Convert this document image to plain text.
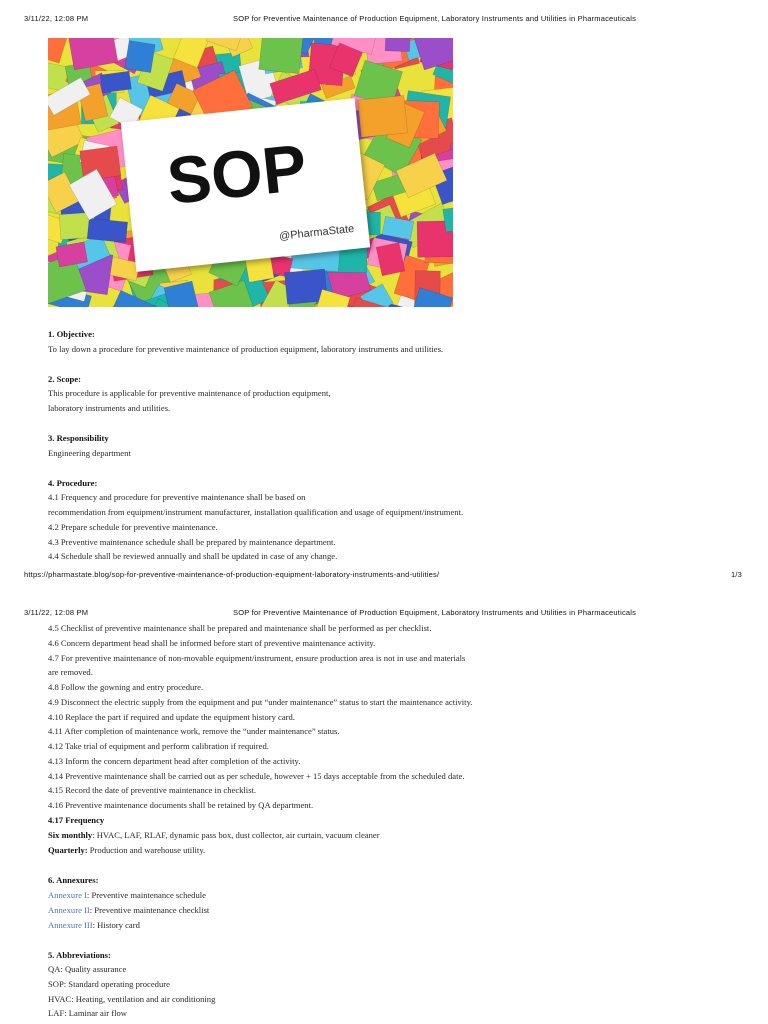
3/11/22, 12:08 PM	SOP for Preventive Maintenance of Production Equipment, Laboratory Instruments and Utilities in Pharmaceuticals
SOP
@PharmaState
1. Objective:
To lay down a procedure for preventive maintenance of production equipment, laboratory instruments and utilities.
2. Scope:
This procedure is applicable for preventive maintenance of production equipment,
laboratory instruments and utilities.
3. Responsibility
Engineering department
4. Procedure:
4.1 Frequency and procedure for preventive maintenance shall be based on
recommendation from equipment/instrument manufacturer, installation qualification and usage of equipment/instrument.
4.2 Prepare schedule for preventive maintenance.
4.3 Preventive maintenance schedule shall be prepared by maintenance department.
4.4 Schedule shall be reviewed annually and shall be updated in case of any change.
https://pharmastate.blog/sop-for-preventive-maintenance-of-production-equipment-laboratory-instruments-and-utilities/	1/3
3/11/22, 12:08 PM	SOP for Preventive Maintenance of Production Equipment, Laboratory Instruments and Utilities in Pharmaceuticals
4.5 Checklist of preventive maintenance shall be prepared and maintenance shall be performed as per checklist.
4.6 Concern department head shall be informed before start of preventive maintenance activity.
4.7 For preventive maintenance of non-movable equipment/instrument, ensure production area is not in use and materials
are removed.
4.8 Follow the gowning and entry procedure.
4.9 Disconnect the electric supply from the equipment and put “under maintenance” status to start the maintenance activity.
4.10 Replace the part if required and update the equipment history card.
4.11 After completion of maintenance work, remove the “under maintenance” status.
4.12 Take trial of equipment and perform calibration if required.
4.13 Inform the concern department head after completion of the activity.
4.14 Preventive maintenance shall be carried out as per schedule, however + 15 days acceptable from the scheduled date.
4.15 Record the date of preventive maintenance in checklist.
4.16 Preventive maintenance documents shall be retained by QA department.
4.17 Frequency
Six monthly: HVAC, LAF, RLAF, dynamic pass box, dust collector, air curtain, vacuum cleaner
Quarterly: Production and warehouse utility.
6. Annexures:
Annexure I: Preventive maintenance schedule
Annexure II: Preventive maintenance checklist
Annexure III: History card
5. Abbreviations:
QA: Quality assurance
SOP: Standard operating procedure
HVAC: Heating, ventilation and air conditioning
LAF: Laminar air flow
